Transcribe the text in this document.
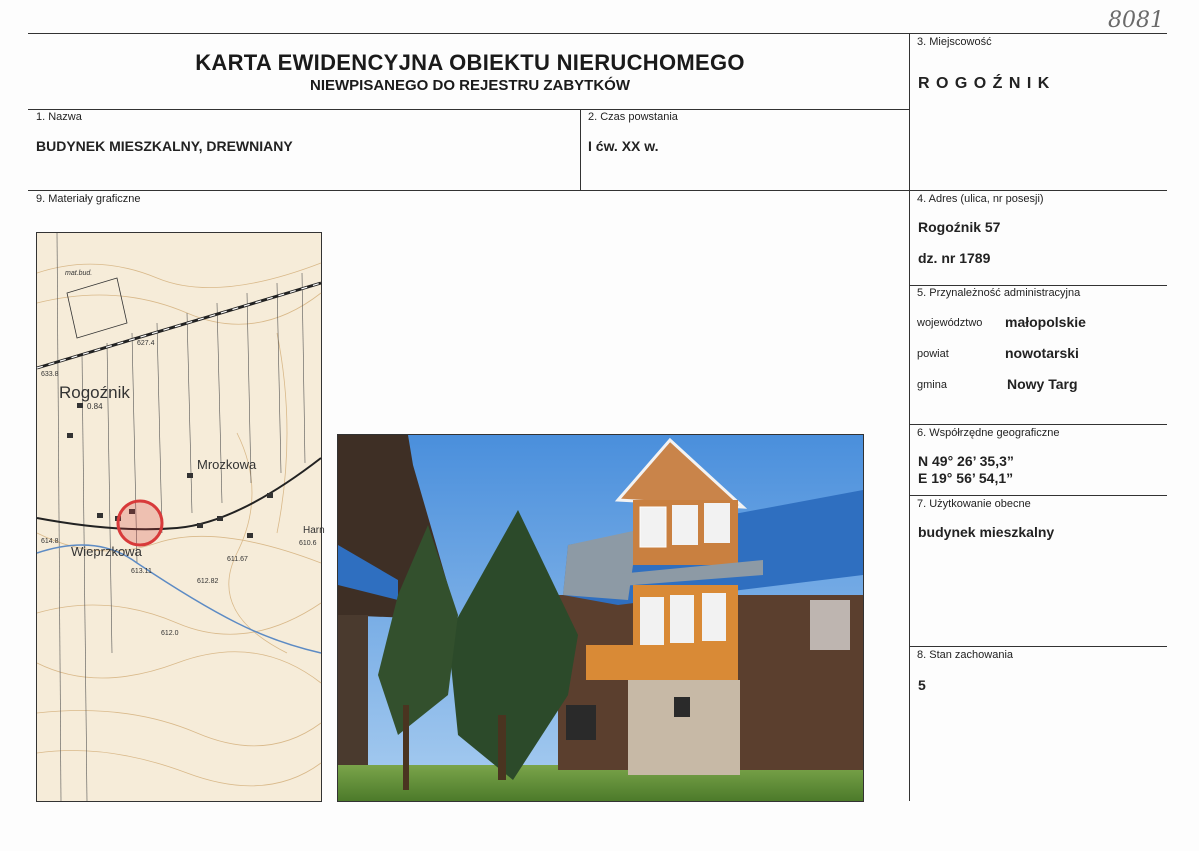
KARTA EWIDENCYJNA OBIEKTU NIERUCHOMEGO
NIEWPISANEGO DO REJESTRU ZABYTKÓW
8081
3. Miejscowość
R O G O Ź N I K
1. Nazwa
BUDYNEK MIESZKALNY, DREWNIANY
2. Czas powstania
I ćw. XX w.
9. Materiały graficzne	4. Adres (ulica, nr posesji)
Rogoźnik 57
dz. nr 1789
5. Przynależność administracyjna
województwo małopolskie
powiat	nowotarski
gmina	Nowy Targ
6. Współrzędne geograficzne
N 49° 26’ 35,3”
E 19° 56’ 54,1”
7. Użytkowanie obecne
budynek mieszkalny
8. Stan zachowania
5
Rogoźnik
0.84
Mrozkowa
Wieprzkowa
Harn
mat.bud.
633.8
627.4
614.8
613.11
612.82
611.67
610.6
612.0
